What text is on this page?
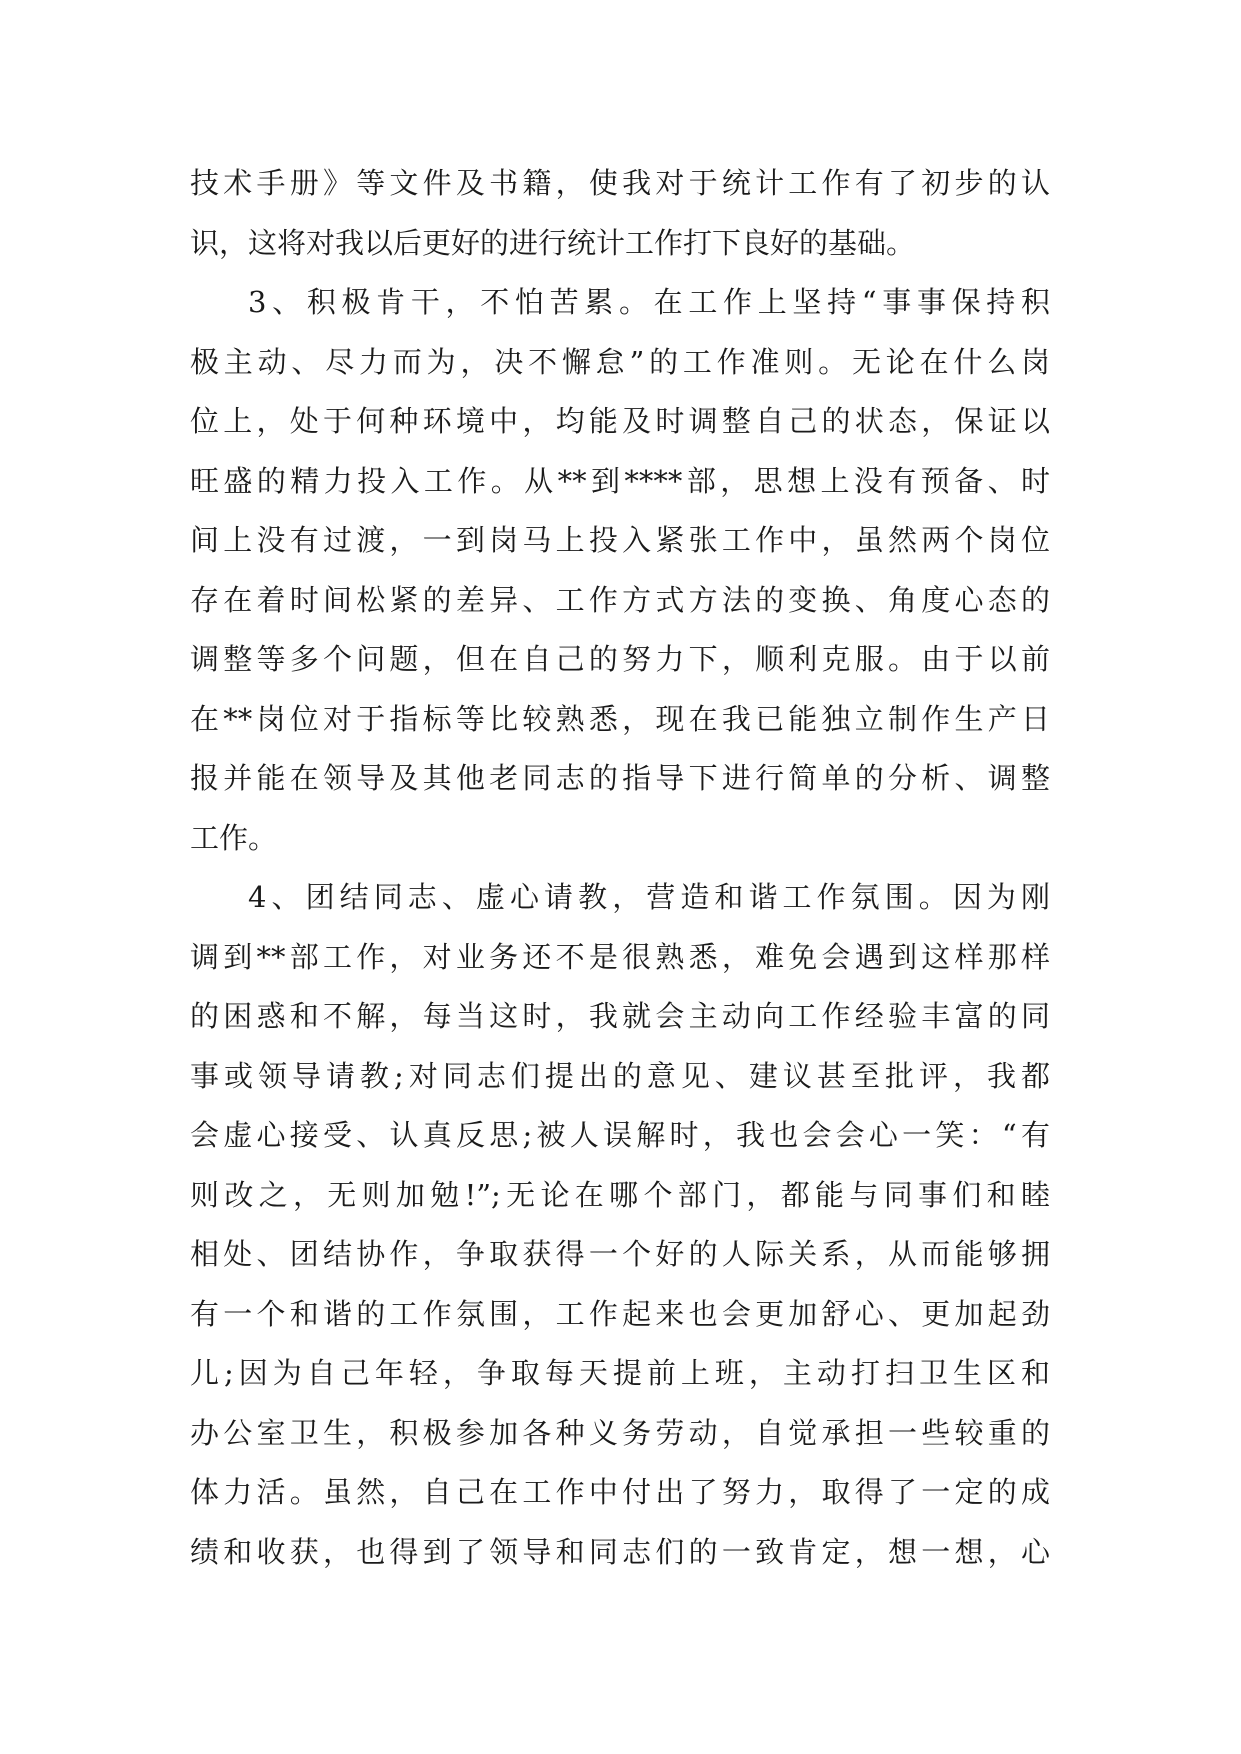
技术手册》等文件及书籍，使我对于统计工作有了初步的认
识，这将对我以后更好的进行统计工作打下良好的基础。
3、积极肯干，不怕苦累。在工作上坚持“事事保持积
极主动、尽力而为，决不懈怠”的工作准则。无论在什么岗
位上，处于何种环境中，均能及时调整自己的状态，保证以
旺盛的精力投入工作。从**到****部，思想上没有预备、时
间上没有过渡，一到岗马上投入紧张工作中，虽然两个岗位
存在着时间松紧的差异、工作方式方法的变换、角度心态的
调整等多个问题，但在自己的努力下，顺利克服。由于以前
在**岗位对于指标等比较熟悉，现在我已能独立制作生产日
报并能在领导及其他老同志的指导下进行简单的分析、调整
工作。
4、团结同志、虚心请教，营造和谐工作氛围。因为刚
调到**部工作，对业务还不是很熟悉，难免会遇到这样那样
的困惑和不解，每当这时，我就会主动向工作经验丰富的同
事或领导请教;对同志们提出的意见、建议甚至批评，我都
会虚心接受、认真反思;被人误解时，我也会会心一笑：“有
则改之，无则加勉!”;无论在哪个部门，都能与同事们和睦
相处、团结协作，争取获得一个好的人际关系，从而能够拥
有一个和谐的工作氛围，工作起来也会更加舒心、更加起劲
儿;因为自己年轻，争取每天提前上班，主动打扫卫生区和
办公室卫生，积极参加各种义务劳动，自觉承担一些较重的
体力活。虽然，自己在工作中付出了努力，取得了一定的成
绩和收获，也得到了领导和同志们的一致肯定，想一想，心
